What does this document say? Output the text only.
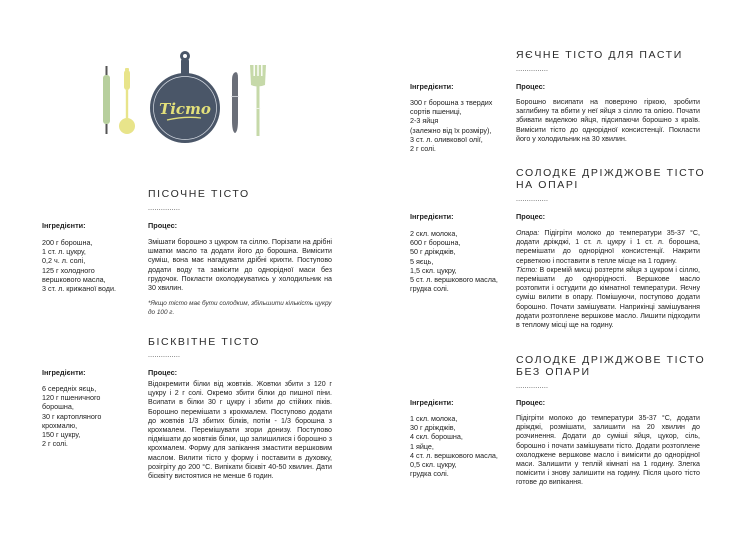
Тісто
ПІСОЧНЕ ТІСТО
...............
Інгредієнти:	Процес:
200 г борошна,
1 ст. л. цукру,
0,2 ч. л. солі,
125 г холодного
вершкового масла,
3 ст. л. крижаної води.
Змішати борошно з цукром та сіллю. Порізати на дрібні шматки масло та додати його до борошна. Вимісити суміш, вона має нагадувати дрібні крихти. Поступово додати воду та замісити до однорідної маси без грудочок. Покласти охолоджуватись у холодильник на 30 хвилин.
*Якщо тісто має бути солодким, збільшити кількість цукру до 100 г.
БІСКВІТНЕ ТІСТО
...............
Інгредієнти:	Процес:
6 середніх яєць,
120 г пшеничного
борошна,
30 г картопляного
крохмалю,
150 г цукру,
2 г солі.
Відокремити білки від жовтків. Жовтки збити з 120 г цукру і 2 г солі. Окремо збити білки до пишної піни. Всипати в білки 30 г цукру і збити до стійких піків. Борошно перемішати з крохмалем. Поступово додати до жовтків 1/3 збитих білків, потім - 1/3 борошна з крохмалем. Перемішувати згори донизу. Поступово підмішати до жовтків білки, що залишилися і борошно з крохмалем. Форму для запікання змастити вершковим маслом. Вилити тісто у форму і поставити в духовку, розігріту до 200 °С. Випікати бісквіт 40-50 хвилин. Дати бісквіту вистоятися не менше 6 годин.
ЯЄЧНЕ ТІСТО ДЛЯ ПАСТИ
...............
Інгредієнти:	Процес:
300 г борошна з твердих
сортів пшениці,
2-3 яйця
(залежно від їх розміру),
3 ст. л. оливкової олії,
2 г солі.
Борошно висипати на поверхню гіркою, зробити заглибину та вбити у неї яйця з сіллю та олією. Почати збивати виделкою яйця, підсипаючи борошно з країв. Вимісити тісто до однорідної консистенції. Покласти його у холодильник на 30 хвилин.
СОЛОДКЕ ДРІЖДЖОВЕ ТІСТО
НА ОПАРІ
...............
Інгредієнти:	Процес:
2 скл. молока,
600 г борошна,
50 г дріжджів,
5 яєць,
1,5 скл. цукру,
5 ст. л. вершкового масла,
грудка солі.

Опара: Підігріти молоко до температури 35-37 °С, додати дріжджі, 1 ст. л. цукру і 1 ст. л. борошна, перемішати до однорідної консистенції. Накрити серветкою і поставити в тепле місце на 1 годину.

Тісто: В окремій мисці розтерти яйця з цукром і сіллю, перемішати до однорідності. Вершкове масло розтопити і остудити до кімнатної температури. Яєчну суміш вилити в опару. Помішуючи, поступово додати борошно. Почати замішувати. Наприкінці замішування додати розтоплене вершкове масло. Лишити підходити в теплому місці ще на годину.

СОЛОДКЕ ДРІЖДЖОВЕ ТІСТО
БЕЗ ОПАРИ
...............
Інгредієнти:	Процес:
1 скл. молока,
30 г дріжджів,
4 скл. борошна,
1 яйце,
4 ст. л. вершкового масла,
0,5 скл. цукру,
грудка солі.
Підігріти молоко до температури 35-37 °С, додати дріжджі, розмішати, залишити на 20 хвилин до розчинення. Додати до суміші яйця, цукор, сіль, борошно і почати замішувати тісто. Додати розтоплене охолоджене вершкове масло і вимісити до однорідної маси. Залишити у теплій кімнаті на 1 годину. Злегка помісити і знову залишити на годину. Після цього тісто готове до випікання.
